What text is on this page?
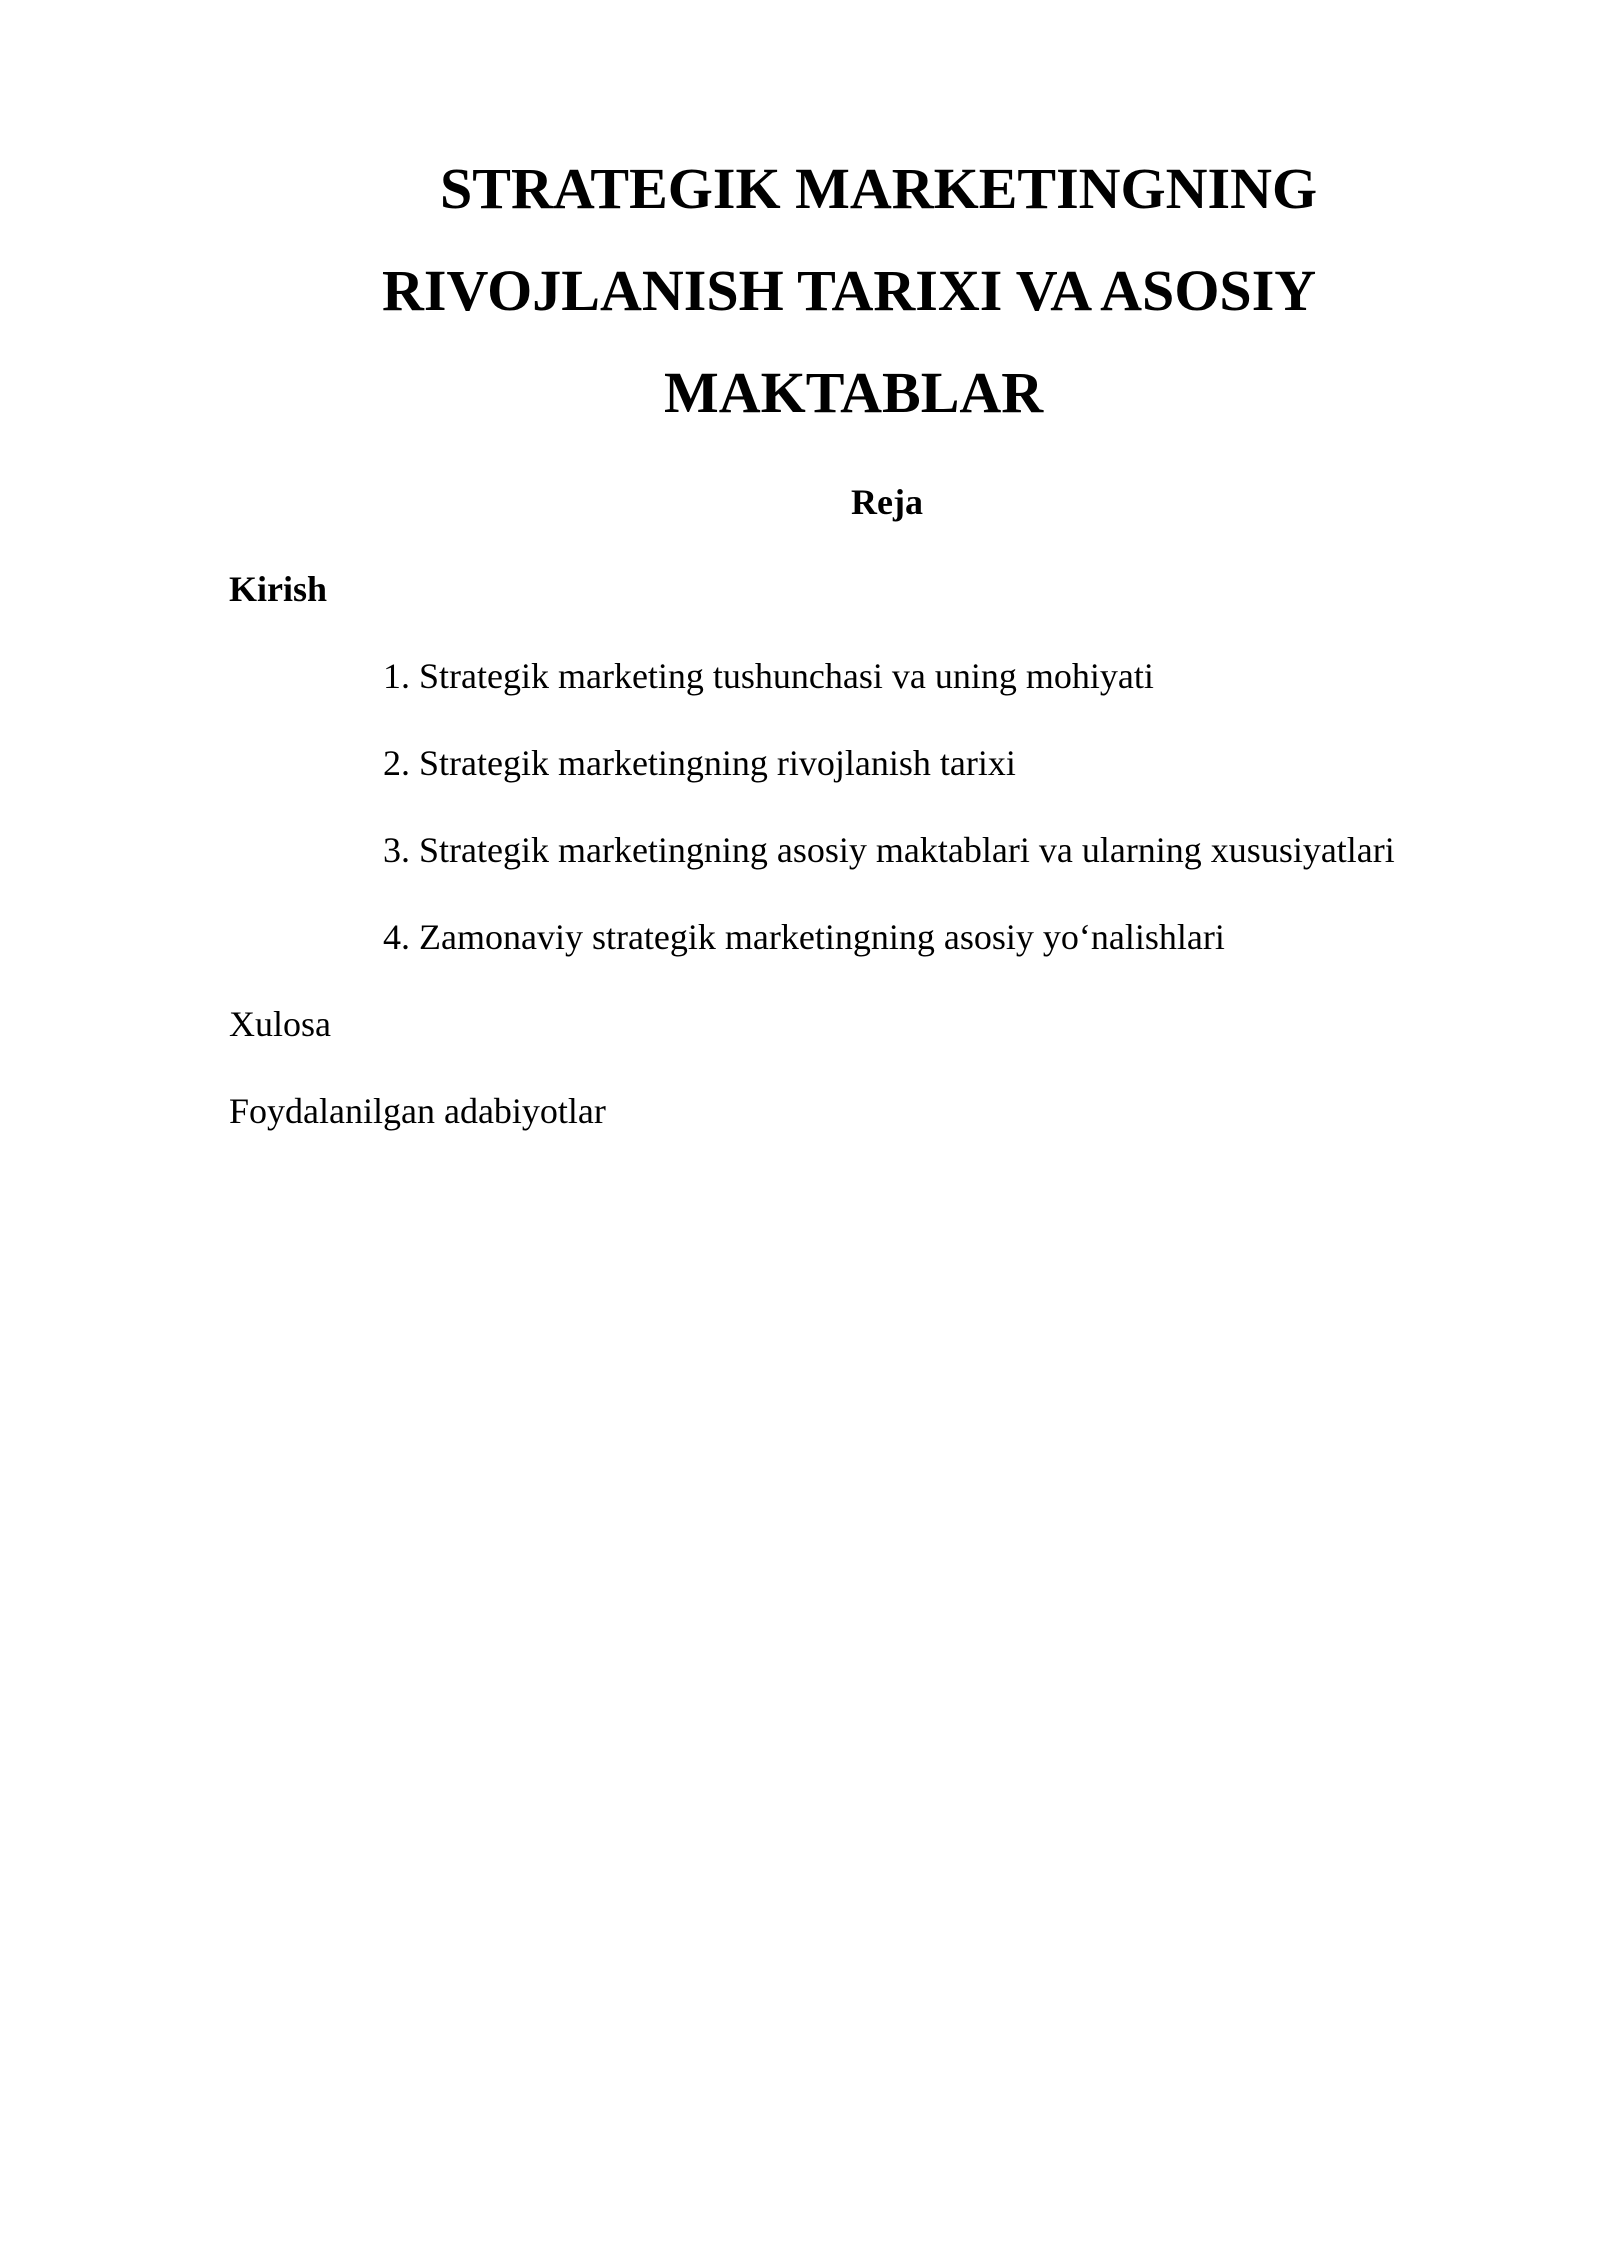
STRATEGIK MARKETINGNING
RIVOJLANISH TARIXI VA ASOSIY
MAKTABLAR
Reja
Kirish
1. Strategik marketing tushunchasi va uning mohiyati
2. Strategik marketingning rivojlanish tarixi
3. Strategik marketingning asosiy maktablari va ularning xususiyatlari
4. Zamonaviy strategik marketingning asosiy yo‘nalishlari
Xulosa
Foydalanilgan adabiyotlar
